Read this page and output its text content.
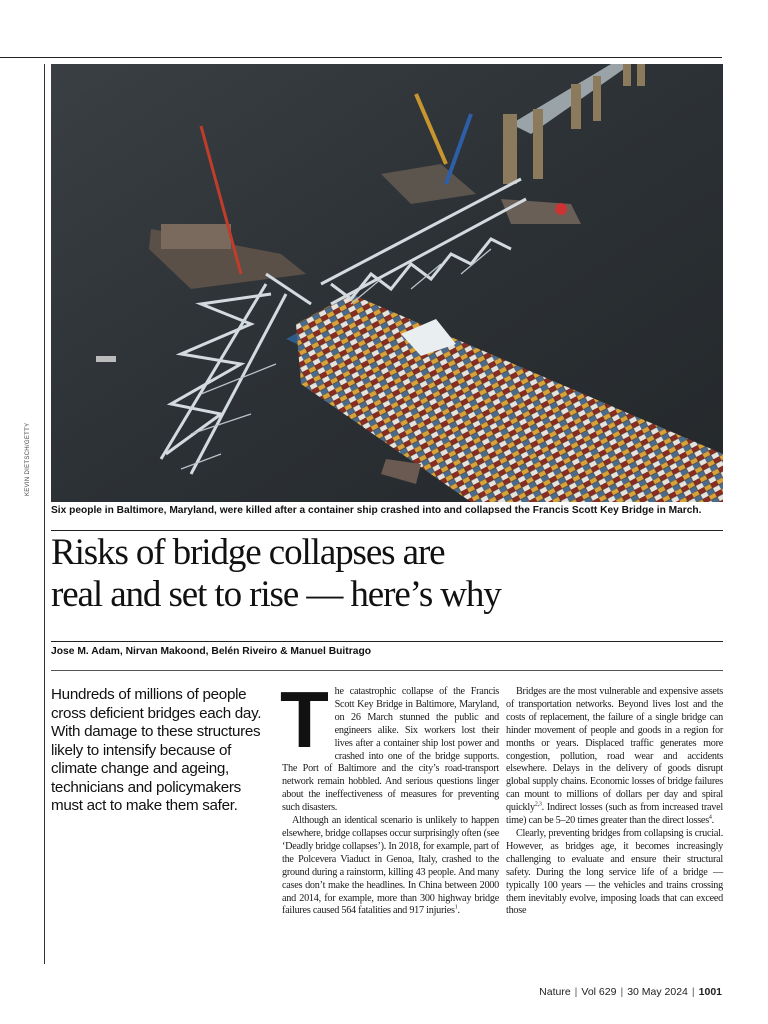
KEVIN DIETSCH/GETTY
Six people in Baltimore, Maryland, were killed after a container ship crashed into and collapsed the Francis Scott Key Bridge in March.
Risks of bridge collapses are
real and set to rise — here’s why
Jose M. Adam, Nirvan Makoond, Belén Riveiro & Manuel Buitrago
Hundreds of millions of people cross deficient bridges each day. With damage to these structures likely to intensify because of climate change and ageing, technicians and policymakers must act to make them safer.

The catastrophic collapse of the Francis Scott Key Bridge in Baltimore, Maryland, on 26 March stunned the public and engineers alike. Six workers lost their lives after a container ship lost power and crashed into one of the bridge supports. The Port of Baltimore and the city’s road-transport network remain hobbled. And serious questions linger about the ineffectiveness of measures for preventing such disasters.

Although an identical scenario is unlikely to happen elsewhere, bridge collapses occur surprisingly often (see ‘Deadly bridge collapses’). In 2018, for example, part of the Polcevera Viaduct in Genoa, Italy, crashed to the ground during a rainstorm, killing 43 people. And many cases don’t make the headlines. In China between 2000 and 2014, for example, more than 300 highway bridge failures caused 564 fatalities and 917 injuries$^1$.

Bridges are the most vulnerable and expensive assets of transportation networks. Beyond lives lost and the costs of replacement, the failure of a single bridge can hinder movement of people and goods in a region for months or years. Displaced traffic generates more congestion, pollution, road wear and accidents elsewhere. Delays in the delivery of goods disrupt global supply chains. Economic losses of bridge failures can mount to millions of dollars per day and spiral quickly$^{2,3}$. Indirect losses (such as from increased travel time) can be 5–20 times greater than the direct losses$^4$.

Clearly, preventing bridges from collapsing is crucial. However, as bridges age, it becomes increasingly challenging to evaluate and ensure their structural safety. During the long service life of a bridge — typically 100 years — the vehicles and trains crossing them inevitably evolve, imposing loads that can exceed those

Nature | Vol 629 | 30 May 2024 | 1001
